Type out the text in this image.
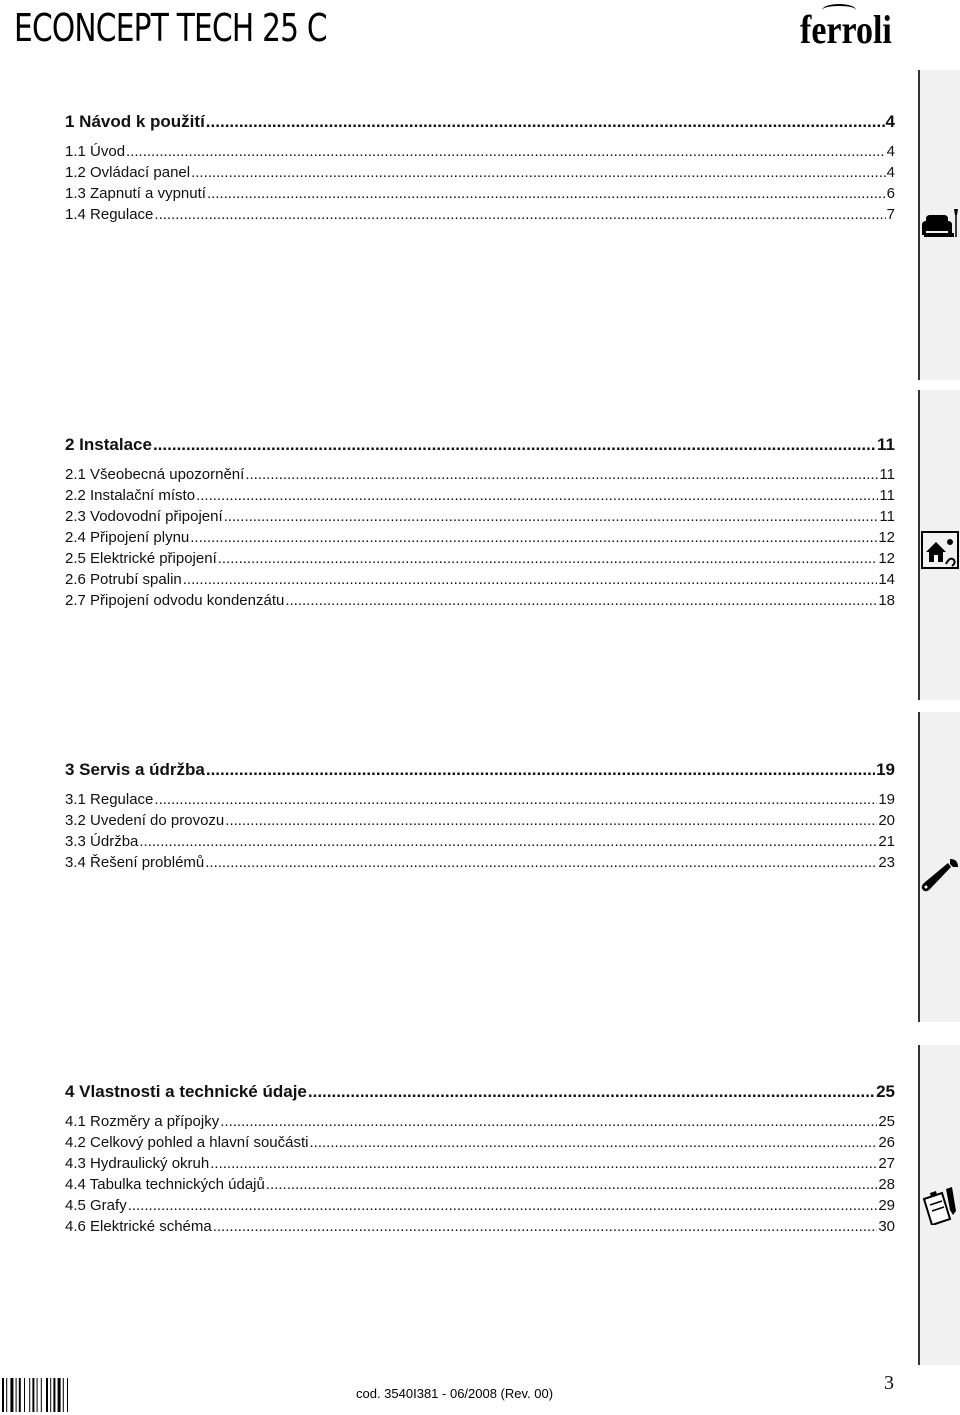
ECONCEPT TECH 25 C	ferroli
1 Návod k použití .....	4
1.1 Úvod .....	4
1.2 Ovládací panel .....	4
1.3 Zapnutí a vypnutí .....	6
1.4 Regulace .....	7
2 Instalace .....	11
2.1 Všeobecná upozornění .....	11
2.2 Instalační místo .....	11
2.3 Vodovodní připojení .....	11
2.4 Připojení plynu .....	12
2.5 Elektrické připojení .....	12
2.6 Potrubí spalin .....	14
2.7 Připojení odvodu kondenzátu .....	18
3 Servis a údržba .....	19
3.1 Regulace .....	19
3.2 Uvedení do provozu .....	20
3.3 Údržba .....	21
3.4 Řešení problémů .....	23
4 Vlastnosti a technické údaje .....	25
4.1 Rozměry a přípojky .....	25
4.2 Celkový pohled a hlavní součásti .....	26
4.3 Hydraulický okruh .....	27
4.4 Tabulka technických údajů .....	28
4.5 Grafy .....	29
4.6 Elektrické schéma .....	30
cod. 3540I381 - 06/2008 (Rev. 00)	3
